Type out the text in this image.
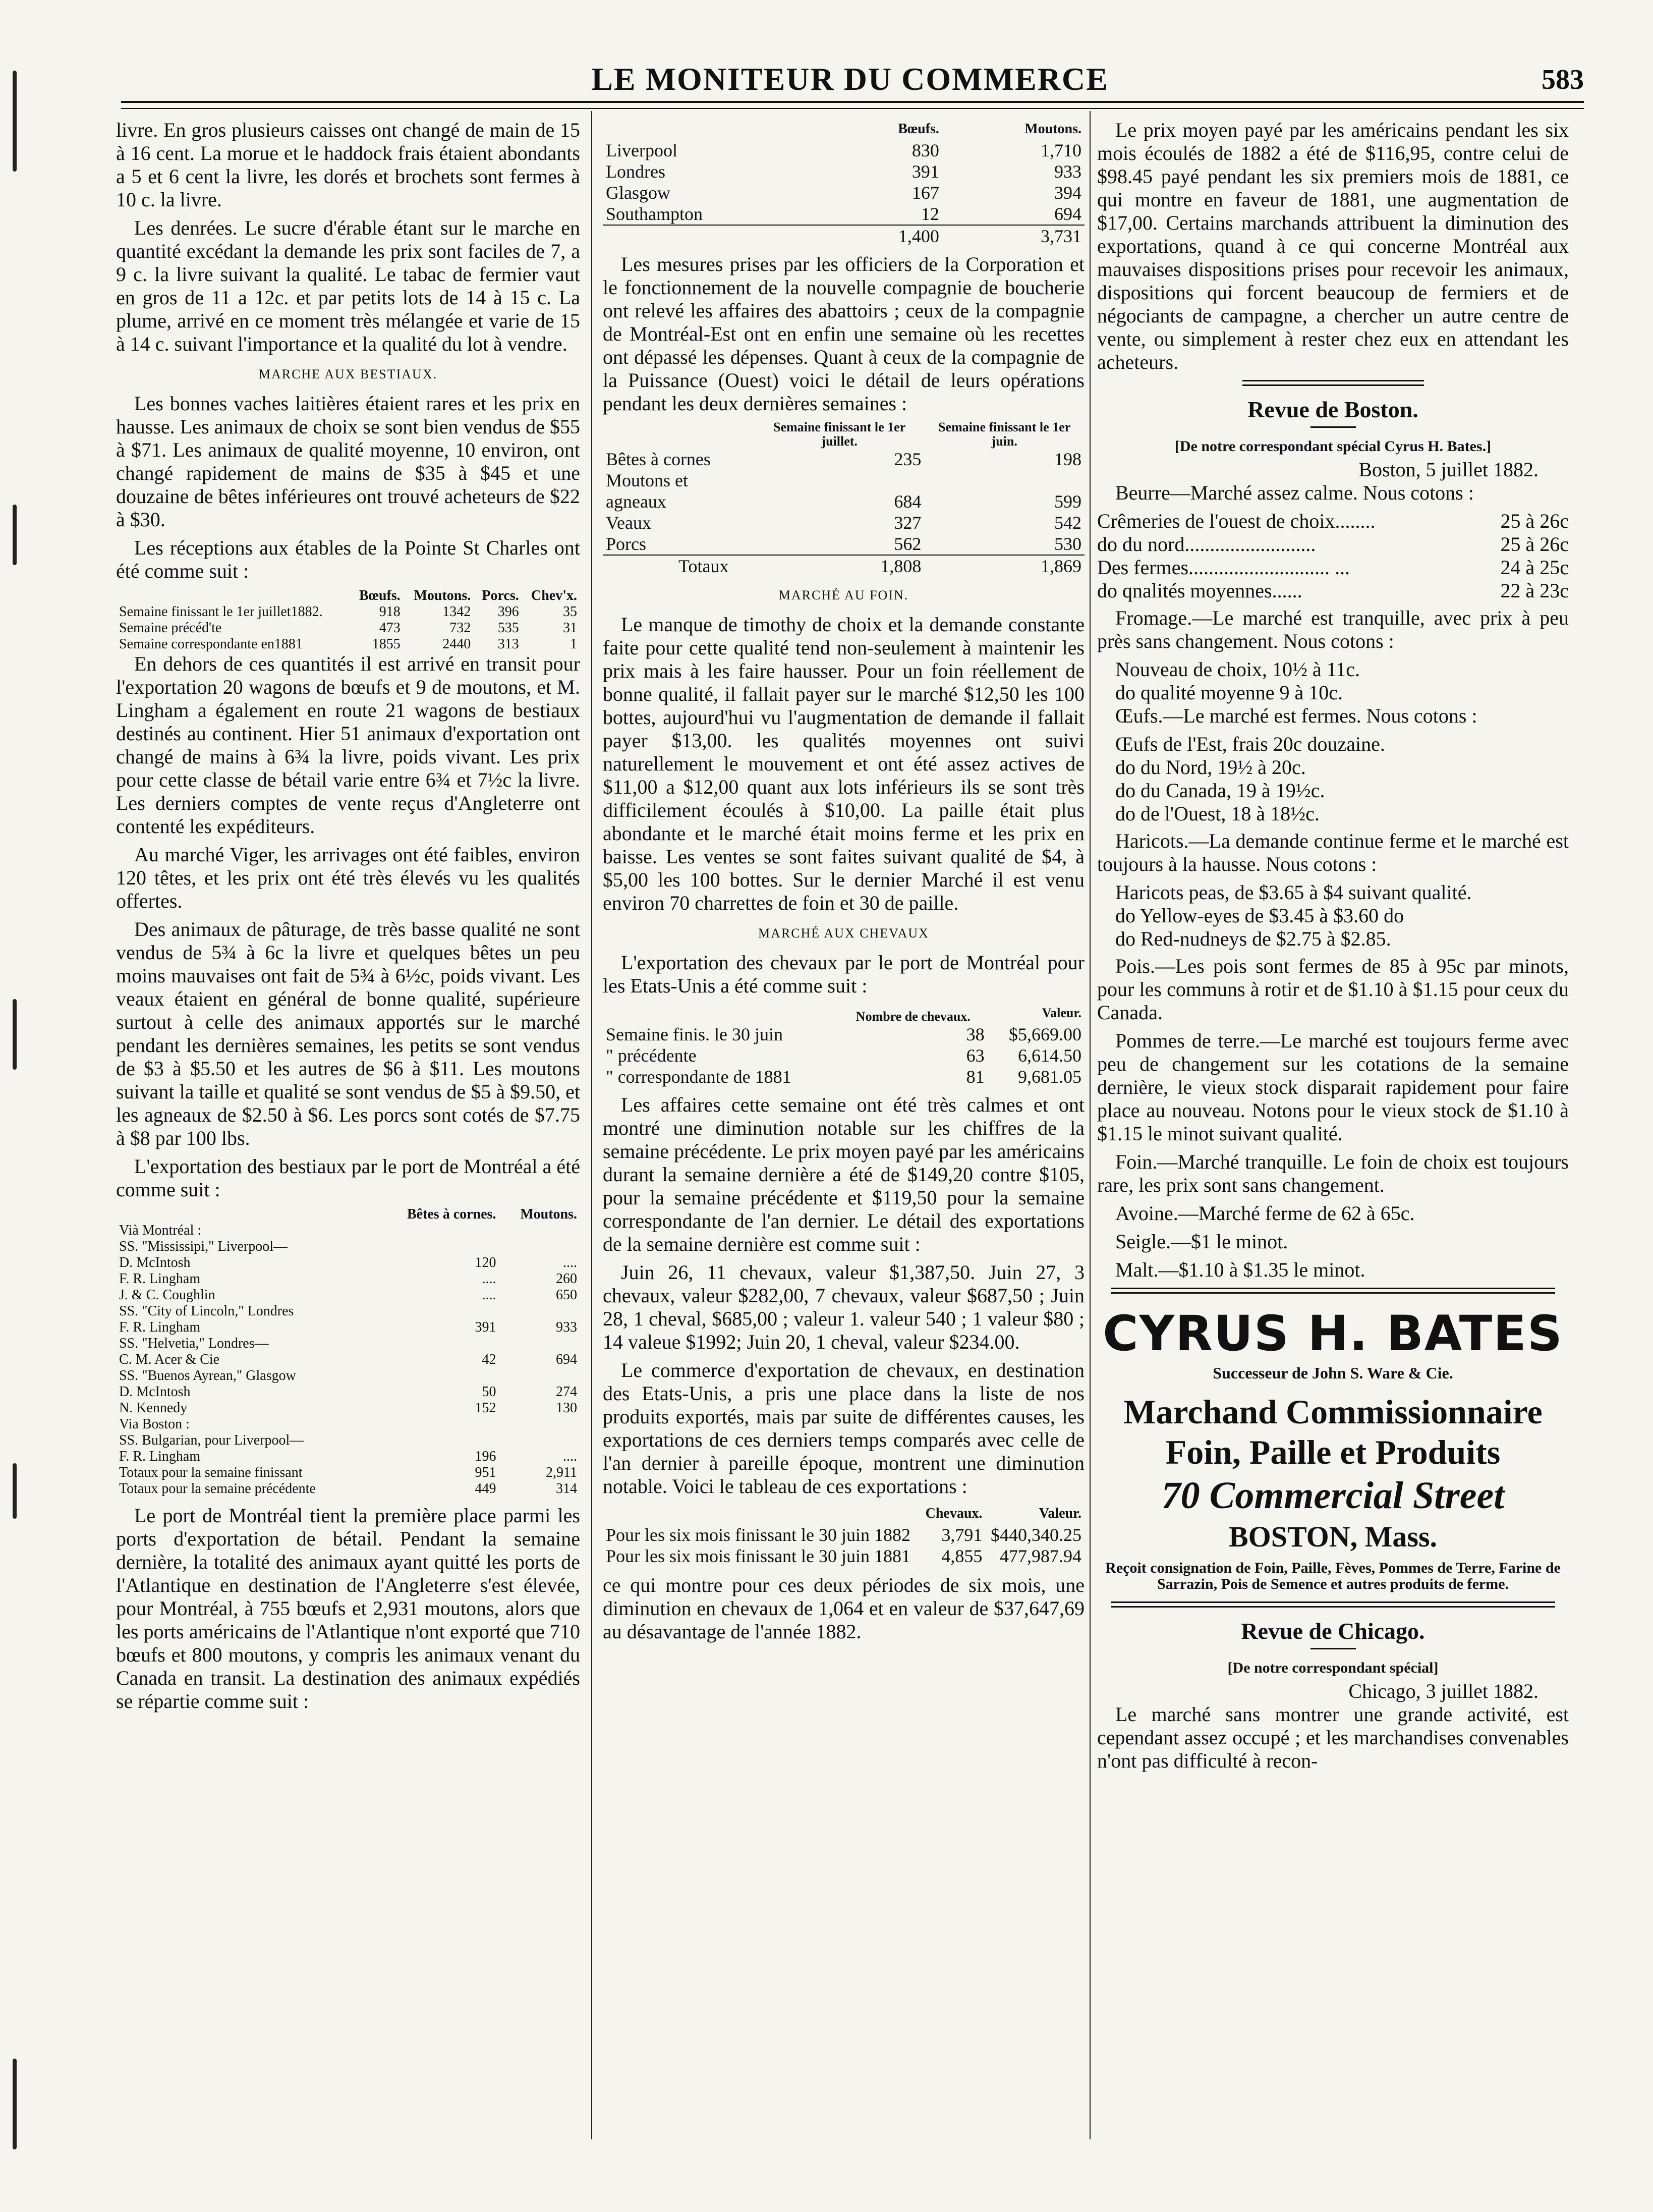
LE MONITEUR DU COMMERCE	583

livre. En gros plusieurs caisses ont changé de main de 15 à 16 cent. La morue et le haddock frais étaient abondants a 5 et 6 cent la livre, les dorés et brochets sont fermes à 10 c. la livre.

Les denrées. Le sucre d'érable étant sur le marche en quantité excédant la demande les prix sont faciles de 7, a 9 c. la livre suivant la qualité. Le tabac de fermier vaut en gros de 11 a 12c. et par petits lots de 14 à 15 c. La plume, arrivé en ce moment très mélangée et varie de 15 à 14 c. suivant l'importance et la qualité du lot à vendre.

MARCHE AUX BESTIAUX.

Les bonnes vaches laitières étaient rares et les prix en hausse. Les animaux de choix se sont bien vendus de $55 à $71. Les animaux de qualité moyenne, 10 environ, ont changé rapidement de mains de $35 à $45 et une douzaine de bêtes inférieures ont trouvé acheteurs de $22 à $30.

Les réceptions aux étables de la Pointe St Charles ont été comme suit :

	Bœufs.	Moutons.	Porcs.	Chev'x.
Semaine finissant le 1er juillet1882.	918	1342	396	35
Semaine précéd'te	473	732	535	31
Semaine correspondante en1881	1855	2440	313	1

En dehors de ces quantités il est arrivé en transit pour l'exportation 20 wagons de bœufs et 9 de moutons, et M. Lingham a également en route 21 wagons de bestiaux destinés au continent. Hier 51 animaux d'exportation ont changé de mains à 6¾ la livre, poids vivant. Les prix pour cette classe de bétail varie entre 6¾ et 7½c la livre. Les derniers comptes de vente reçus d'Angleterre ont contenté les expéditeurs.

Au marché Viger, les arrivages ont été faibles, environ 120 têtes, et les prix ont été très élevés vu les qualités offertes.

Des animaux de pâturage, de très basse qualité ne sont vendus de 5¾ à 6c la livre et quelques bêtes un peu moins mauvaises ont fait de 5¾ à 6½c, poids vivant. Les veaux étaient en général de bonne qualité, supérieure surtout à celle des animaux apportés sur le marché pendant les dernières semaines, les petits se sont vendus de $3 à $5.50 et les autres de $6 à $11. Les moutons suivant la taille et qualité se sont vendus de $5 à $9.50, et les agneaux de $2.50 à $6. Les porcs sont cotés de $7.75 à $8 par 100 lbs.

L'exportation des bestiaux par le port de Montréal a été comme suit :

	Bêtes à cornes.	Moutons.
Vià Montréal :		
SS. "Mississipi," Liverpool—		
D. McIntosh	120	....
F. R. Lingham	....	260
J. & C. Coughlin	....	650
SS. "City of Lincoln," Londres		
F. R. Lingham	391	933
SS. "Helvetia," Londres—		
C. M. Acer & Cie	42	694
SS. "Buenos Ayrean," Glasgow		
D. McIntosh	50	274
N. Kennedy	152	130
Via Boston :		
SS. Bulgarian, pour Liverpool—		
F. R. Lingham	196	....
Totaux pour la semaine finissant	951	2,911
Totaux pour la semaine précédente	449	314

Le port de Montréal tient la première place parmi les ports d'exportation de bétail. Pendant la semaine dernière, la totalité des animaux ayant quitté les ports de l'Atlantique en destination de l'Angleterre s'est élevée, pour Montréal, à 755 bœufs et 2,931 moutons, alors que les ports américains de l'Atlantique n'ont exporté que 710 bœufs et 800 moutons, y compris les animaux venant du Canada en transit. La destination des animaux expédiés se répartie comme suit :

	Bœufs.	Moutons.
Liverpool	830	1,710
Londres	391	933
Glasgow	167	394
Southampton	12	694
	1,400	3,731

Les mesures prises par les officiers de la Corporation et le fonctionnement de la nouvelle compagnie de boucherie ont relevé les affaires des abattoirs ; ceux de la compagnie de Montréal-Est ont en enfin une semaine où les recettes ont dépassé les dépenses. Quant à ceux de la compagnie de la Puissance (Ouest) voici le détail de leurs opérations pendant les deux dernières semaines :

	Semaine finissant le 1er juillet.	Semaine finissant le 1er juin.
Bêtes à cornes	235	198
Moutons et agneaux	684	599
Veaux	327	542
Porcs	562	530
Totaux	1,808	1,869
MARCHÉ AU FOIN.

Le manque de timothy de choix et la demande constante faite pour cette qualité tend non-seulement à maintenir les prix mais à les faire hausser. Pour un foin réellement de bonne qualité, il fallait payer sur le marché $12,50 les 100 bottes, aujourd'hui vu l'augmentation de demande il fallait payer $13,00. les qualités moyennes ont suivi naturellement le mouvement et ont été assez actives de $11,00 a $12,00 quant aux lots inférieurs ils se sont très difficilement écoulés à $10,00. La paille était plus abondante et le marché était moins ferme et les prix en baisse. Les ventes se sont faites suivant qualité de $4, à $5,00 les 100 bottes. Sur le dernier Marché il est venu environ 70 charrettes de foin et 30 de paille.

MARCHÉ AUX CHEVAUX

L'exportation des chevaux par le port de Montréal pour les Etats-Unis a été comme suit :

	Nombre de chevaux.	Valeur.
Semaine finis. le 30 juin	38	$5,669.00
" précédente	63	6,614.50
" correspondante de 1881	81	9,681.05

Les affaires cette semaine ont été très calmes et ont montré une diminution notable sur les chiffres de la semaine précédente. Le prix moyen payé par les américains durant la semaine dernière a été de $149,20 contre $105, pour la semaine précédente et $119,50 pour la semaine correspondante de l'an dernier. Le détail des exportations de la semaine dernière est comme suit :

Juin 26, 11 chevaux, valeur $1,387,50. Juin 27, 3 chevaux, valeur $282,00, 7 chevaux, valeur $687,50 ; Juin 28, 1 cheval, $685,00 ; valeur 1. valeur 540 ; 1 valeur $80 ; 14 valeue $1992; Juin 20, 1 cheval, valeur $234.00.

Le commerce d'exportation de chevaux, en destination des Etats-Unis, a pris une place dans la liste de nos produits exportés, mais par suite de différentes causes, les exportations de ces derniers temps comparés avec celle de l'an dernier à pareille époque, montrent une diminution notable. Voici le tableau de ces exportations :

	Chevaux.	Valeur.
Pour les six mois finissant le 30 juin 1882	3,791	$440,340.25
Pour les six mois finissant le 30 juin 1881	4,855	477,987.94

ce qui montre pour ces deux périodes de six mois, une diminution en chevaux de 1,064 et en valeur de $37,647,69 au désavantage de l'année 1882.

Le prix moyen payé par les américains pendant les six mois écoulés de 1882 a été de $116,95, contre celui de $98.45 payé pendant les six premiers mois de 1881, ce qui montre en faveur de 1881, une augmentation de $17,00. Certains marchands attribuent la diminution des exportations, quand à ce qui concerne Montréal aux mauvaises dispositions prises pour recevoir les animaux, dispositions qui forcent beaucoup de fermiers et de négociants de campagne, a chercher un autre centre de vente, ou simplement à rester chez eux en attendant les acheteurs.

Revue de Boston.
[De notre correspondant spécial Cyrus H. Bates.]
Boston, 5 juillet 1882.

Beurre—Marché assez calme. Nous cotons :

Crêmeries de l'ouest de choix........	25 à 26c
do du nord..........................	25 à 26c
Des fermes............................ ...	24 à 25c
do qnalités moyennes......	22 à 23c

Fromage.—Le marché est tranquille, avec prix à peu près sans changement. Nous cotons :

Nouveau de choix, 10½ à 11c.
do qualité moyenne 9 à 10c.

Œufs.—Le marché est fermes. Nous cotons :

Œufs de l'Est, frais 20c douzaine.
do du Nord, 19½ à 20c.
do du Canada, 19 à 19½c.
do de l'Ouest, 18 à 18½c.

Haricots.—La demande continue ferme et le marché est toujours à la hausse. Nous cotons :

Haricots peas, de $3.65 à $4 suivant qualité.
do Yellow-eyes de $3.45 à $3.60 do
do Red-nudneys de $2.75 à $2.85.

Pois.—Les pois sont fermes de 85 à 95c par minots, pour les communs à rotir et de $1.10 à $1.15 pour ceux du Canada.

Pommes de terre.—Le marché est toujours ferme avec peu de changement sur les cotations de la semaine dernière, le vieux stock disparait rapidement pour faire place au nouveau. Notons pour le vieux stock de $1.10 à $1.15 le minot suivant qualité.

Foin.—Marché tranquille. Le foin de choix est toujours rare, les prix sont sans changement.

Avoine.—Marché ferme de 62 à 65c.

Seigle.—$1 le minot.

Malt.—$1.10 à $1.35 le minot.

CYRUS H. BATES
Successeur de John S. Ware & Cie.
Marchand Commissionnaire
Foin, Paille et Produits
70 Commercial Street
BOSTON, Mass.
Reçoit consignation de Foin, Paille, Fèves, Pommes de Terre, Farine de Sarrazin, Pois de Semence et autres produits de ferme.
Revue de Chicago.
[De notre correspondant spécial]
Chicago, 3 juillet 1882.

Le marché sans montrer une grande activité, est cependant assez occupé ; et les marchandises convenables n'ont pas difficulté à recon-
